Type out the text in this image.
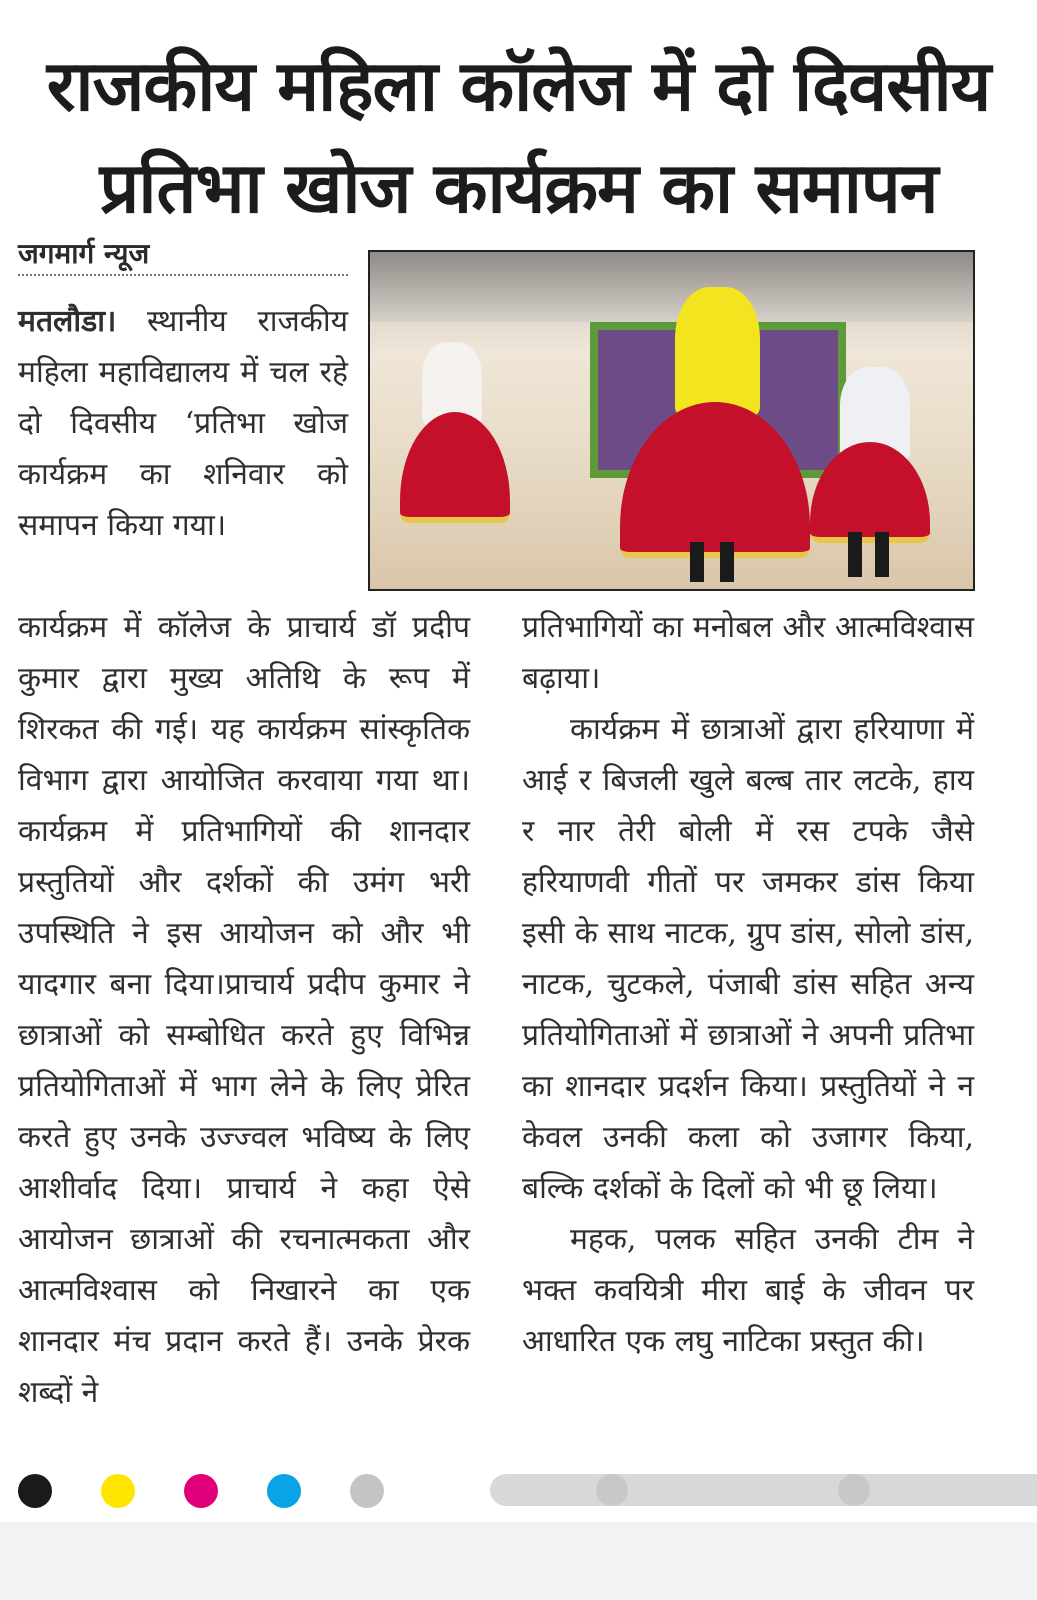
राजकीय महिला कॉलेज में दो दिवसीय
प्रतिभा खोज कार्यक्रम का समापन
जगमार्ग न्यूज

मतलौडा। स्थानीय राजकीय महिला महाविद्यालय में चल रहे दो दिवसीय ‘प्रतिभा खोज कार्यक्रम का शनिवार को समापन किया गया।

कार्यक्रम में कॉलेज के प्राचार्य डॉ प्रदीप कुमार द्वारा मुख्य अतिथि के रूप में शिरकत की गई। यह कार्यक्रम सांस्कृतिक विभाग द्वारा आयोजित करवाया गया था। कार्यक्रम में प्रतिभागियों की शानदार प्रस्तुतियों और दर्शकों की उमंग भरी उपस्थिति ने इस आयोजन को और भी यादगार बना दिया।प्राचार्य प्रदीप कुमार ने छात्राओं को सम्बोधित करते हुए विभिन्न प्रतियोगिताओं में भाग लेने के लिए प्रेरित करते हुए उनके उज्ज्वल भविष्य के लिए आशीर्वाद दिया। प्राचार्य ने कहा ऐसे आयोजन छात्राओं की रचनात्मकता और आत्मविश्वास को निखारने का एक शानदार मंच प्रदान करते हैं। उनके प्रेरक शब्दों ने

प्रतिभागियों का मनोबल और आत्मविश्वास बढ़ाया।
कार्यक्रम में छात्राओं द्वारा हरियाणा में आई र बिजली खुले बल्ब तार लटके, हाय र नार तेरी बोली में रस टपके जैसे हरियाणवी गीतों पर जमकर डांस किया इसी के साथ नाटक, ग्रुप डांस, सोलो डांस, नाटक, चुटकले, पंजाबी डांस सहित अन्य प्रतियोगिताओं में छात्राओं ने अपनी प्रतिभा का शानदार प्रदर्शन किया। प्रस्तुतियों ने न केवल उनकी कला को उजागर किया, बल्कि दर्शकों के दिलों को भी छू लिया।
महक, पलक सहित उनकी टीम ने भक्त कवयित्री मीरा बाई के जीवन पर आधारित एक लघु नाटिका प्रस्तुत की।
